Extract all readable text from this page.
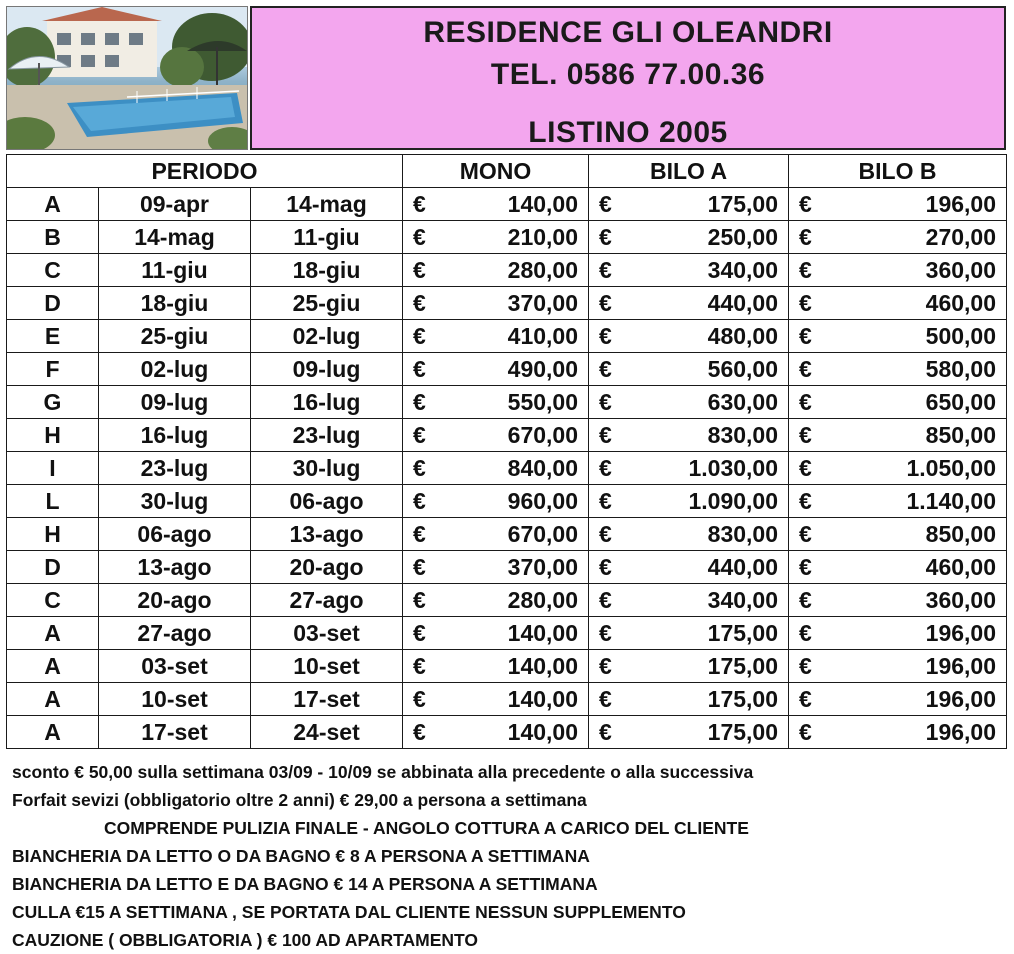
RESIDENCE GLI OLEANDRI
TEL. 0586 77.00.36
LISTINO 2005
PERIODO			MONO	BILO A	BILO B
A	09-apr	14-mag	€ 140,00	€ 175,00	€ 196,00

B	14-mag	11-giu	€ 210,00	€ 250,00	€ 270,00

C	11-giu	18-giu	€ 280,00	€ 340,00	€ 360,00

D	18-giu	25-giu	€ 370,00	€ 440,00	€ 460,00

E	25-giu	02-lug	€ 410,00	€ 480,00	€ 500,00

F	02-lug	09-lug	€ 490,00	€ 560,00	€ 580,00

G	09-lug	16-lug	€ 550,00	€ 630,00	€ 650,00

H	16-lug	23-lug	€ 670,00	€ 830,00	€ 850,00

I	23-lug	30-lug	€ 840,00	€ 1.030,00	€ 1.050,00

L	30-lug	06-ago	€ 960,00	€ 1.090,00	€ 1.140,00

H	06-ago	13-ago	€ 670,00	€ 830,00	€ 850,00

D	13-ago	20-ago	€ 370,00	€ 440,00	€ 460,00

C	20-ago	27-ago	€ 280,00	€ 340,00	€ 360,00

A	27-ago	03-set	€ 140,00	€ 175,00	€ 196,00

A	03-set	10-set	€ 140,00	€ 175,00	€ 196,00

A	10-set	17-set	€ 140,00	€ 175,00	€ 196,00

A	17-set	24-set	€ 140,00	€ 175,00	€ 196,00
sconto € 50,00 sulla settimana 03/09 - 10/09 se abbinata alla precedente o alla successiva
Forfait sevizi (obbligatorio oltre 2 anni) € 29,00 a persona a settimana
COMPRENDE PULIZIA FINALE - ANGOLO COTTURA A CARICO DEL CLIENTE
BIANCHERIA DA LETTO O DA BAGNO € 8 A PERSONA A SETTIMANA
BIANCHERIA DA LETTO E DA BAGNO € 14 A PERSONA A SETTIMANA
CULLA €15 A SETTIMANA , SE PORTATA DAL CLIENTE NESSUN SUPPLEMENTO
CAUZIONE ( OBBLIGATORIA ) € 100 AD APARTAMENTO
